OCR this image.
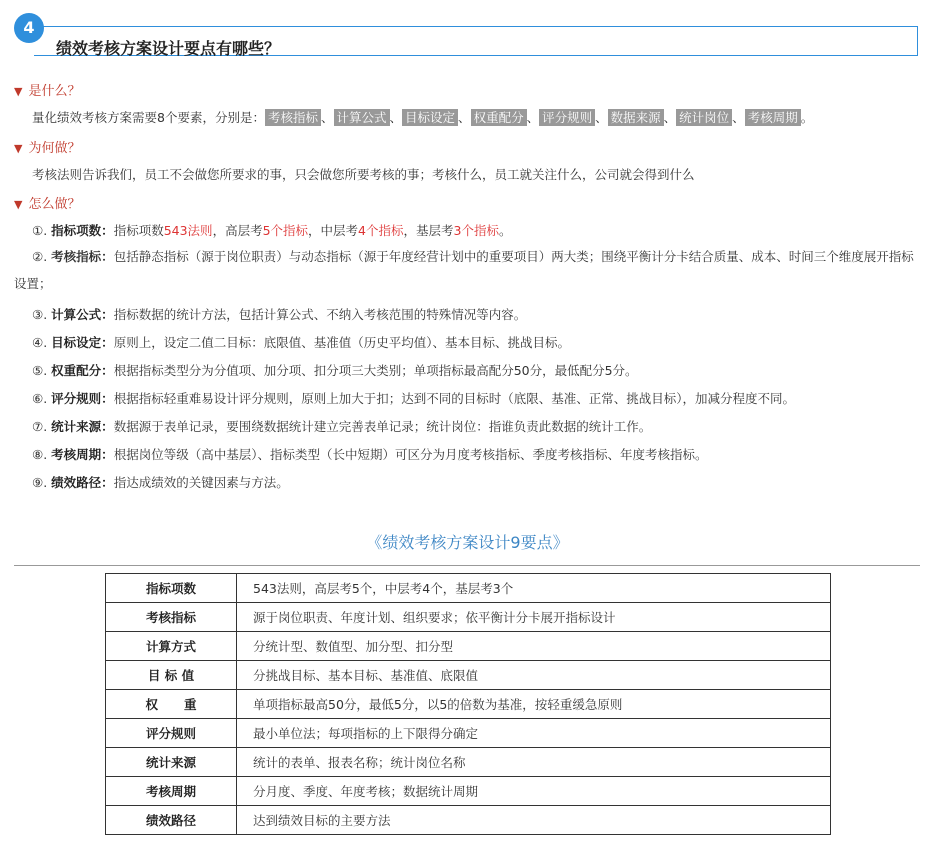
4
绩效考核方案设计要点有哪些？
▼ 是什么？
量化绩效考核方案需要8个要素，分别是： 考核指标 、 计算公式 、 目标设定 、 权重配分 、 评分规则 、 数据来源 、 统计岗位 、 考核周期 。
▼ 为何做？
考核法则告诉我们，员工不会做您所要求的事，只会做您所要考核的事；考核什么，员工就关注什么，公司就会得到什么
▼ 怎么做？
①. 指标项数：指标项数543法则，高层考5个指标，中层考4个指标，基层考3个指标。
②. 考核指标：包括静态指标（源于岗位职责）与动态指标（源于年度经营计划中的重要项目）两大类；围绕平衡计分卡结合质量、成本、时间三个维度展开指标设置；
③. 计算公式：指标数据的统计方法，包括计算公式、不纳入考核范围的特殊情况等内容。
④. 目标设定：原则上，设定二值二目标：底限值、基准值（历史平均值）、基本目标、挑战目标。
⑤. 权重配分：根据指标类型分为分值项、加分项、扣分项三大类别；单项指标最高配分50分，最低配分5分。
⑥. 评分规则：根据指标轻重难易设计评分规则，原则上加大于扣；达到不同的目标时（底限、基准、正常、挑战目标），加减分程度不同。
⑦. 统计来源：数据源于表单记录，要围绕数据统计建立完善表单记录；统计岗位：指谁负责此数据的统计工作。
⑧. 考核周期：根据岗位等级（高中基层）、指标类型（长中短期）可区分为月度考核指标、季度考核指标、年度考核指标。
⑨. 绩效路径：指达成绩效的关键因素与方法。
《绩效考核方案设计9要点》
指标项数	543法则，高层考5个，中层考4个，基层考3个
考核指标	源于岗位职责、年度计划、组织要求；依平衡计分卡展开指标设计
计算方式	分统计型、数值型、加分型、扣分型
目 标 值	分挑战目标、基本目标、基准值、底限值
权      重	单项指标最高50分，最低5分，以5的倍数为基准，按轻重缓急原则
评分规则	最小单位法；每项指标的上下限得分确定
统计来源	统计的表单、报表名称；统计岗位名称
考核周期	分月度、季度、年度考核；数据统计周期
绩效路径	达到绩效目标的主要方法
